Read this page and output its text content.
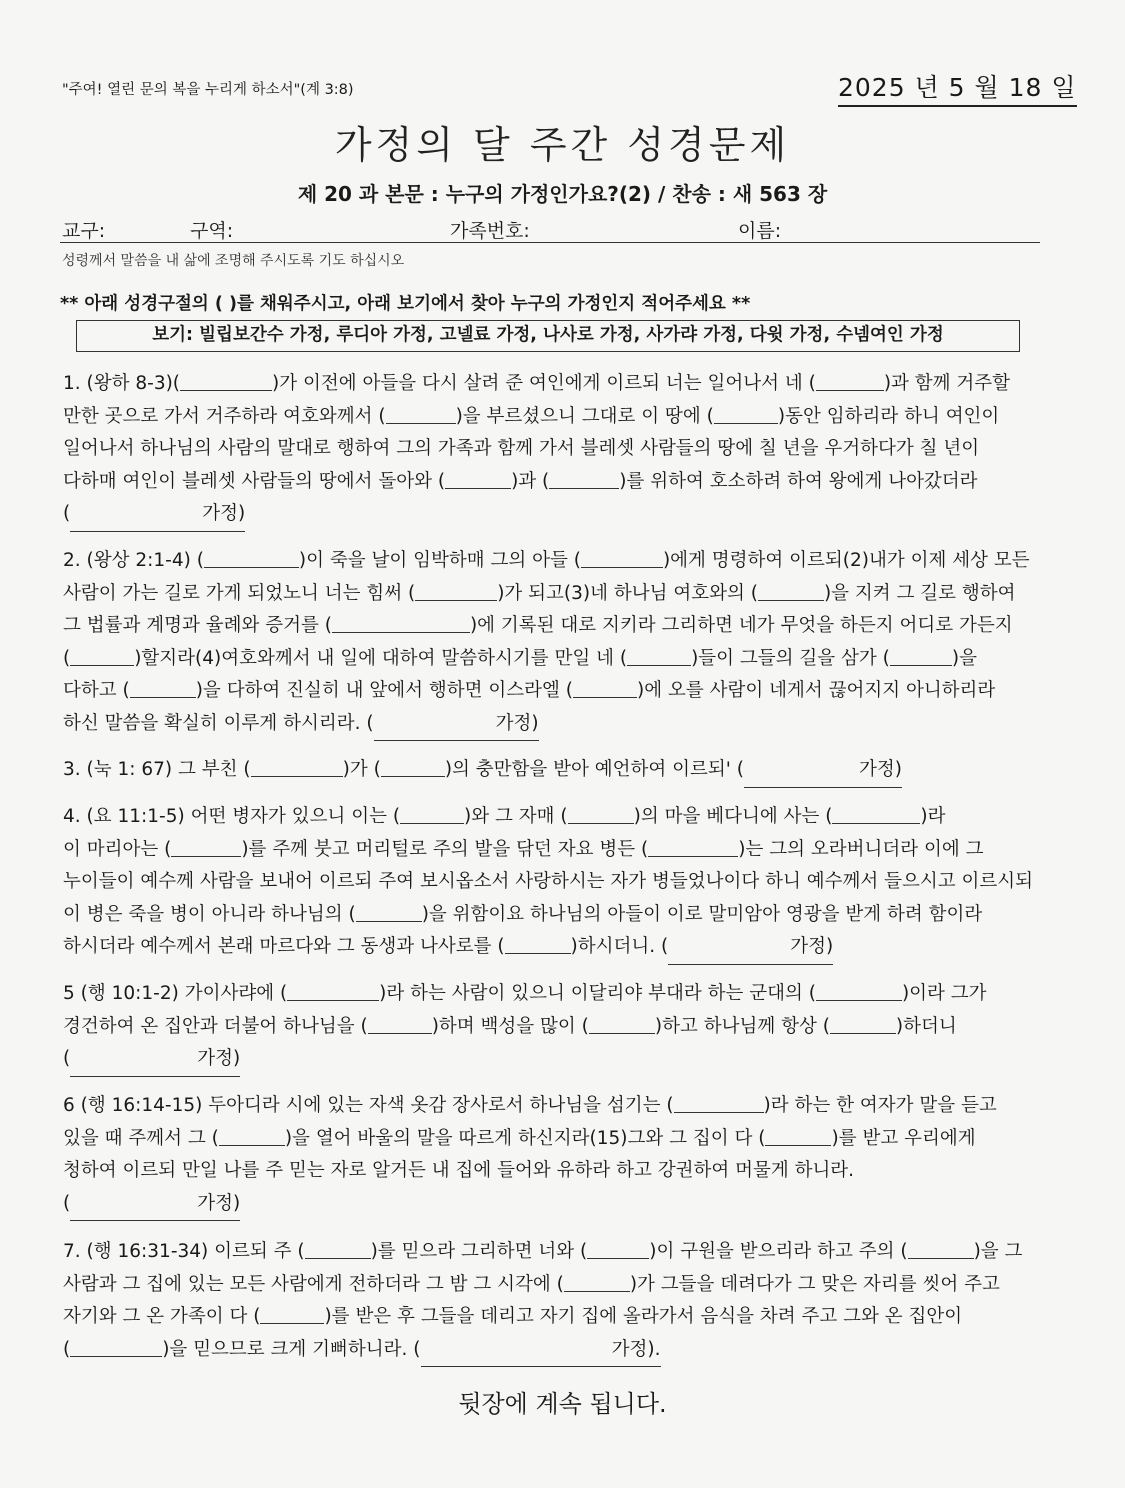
"주여! 열린 문의 복을 누리게 하소서"(계 3:8)	2025 년 5 월 18 일
가정의 달 주간 성경문제
제 20 과 본문 : 누구의 가정인가요?(2) / 찬송 : 새 563 장
교구:	구역:	가족번호:	이름:
성령께서 말씀을 내 삶에 조명해 주시도록 기도 하십시오
** 아래 성경구절의 ( )를 채워주시고, 아래 보기에서 찾아 누구의 가정인지 적어주세요 **
보기: 빌립보간수 가정, 루디아 가정, 고넬료 가정, 나사로 가정, 사가랴 가정, 다윗 가정, 수넴여인 가정

1. (왕하 8-3)(	)가 이전에 아들을 다시 살려 준 여인에게 이르되 너는 일어나서 네 (	)과 함께 거주할

만한 곳으로 가서 거주하라 여호와께서 (	)을 부르셨으니 그대로 이 땅에 (	)동안 임하리라 하니 여인이

일어나서 하나님의 사람의 말대로 행하여 그의 가족과 함께 가서 블레셋 사람들의 땅에 칠 년을 우거하다가 칠 년이

다하매 여인이 블레셋 사람들의 땅에서 돌아와 (	)과 (	)를 위하여 호소하려 하여 왕에게 나아갔더라

(	가정)

2. (왕상 2:1-4) (	)이 죽을 날이 임박하매 그의 아들 (	)에게 명령하여 이르되(2)내가 이제 세상 모든

사람이 가는 길로 가게 되었노니 너는 힘써 (	)가 되고(3)네 하나님 여호와의 (	)을 지켜 그 길로 행하여

그 법률과 계명과 율례와 증거를 (	)에 기록된 대로 지키라 그리하면 네가 무엇을 하든지 어디로 가든지

(	)할지라(4)여호와께서 내 일에 대하여 말씀하시기를 만일 네 (	)들이 그들의 길을 삼가 (	)을

다하고 (	)을 다하여 진실히 내 앞에서 행하면 이스라엘 (	)에 오를 사람이 네게서 끊어지지 아니하리라

하신 말씀을 확실히 이루게 하시리라. (	가정)

3. (눅 1: 67) 그 부친 (	)가 (	)의 충만함을 받아 예언하여 이르되' (	가정)

4. (요 11:1-5) 어떤 병자가 있으니 이는 (	)와 그 자매 (	)의 마을 베다니에 사는 (	)라

이 마리아는 (	)를 주께 붓고 머리털로 주의 발을 닦던 자요 병든 (	)는 그의 오라버니더라 이에 그

누이들이 예수께 사람을 보내어 이르되 주여 보시옵소서 사랑하시는 자가 병들었나이다 하니 예수께서 들으시고 이르시되

이 병은 죽을 병이 아니라 하나님의 (	)을 위함이요 하나님의 아들이 이로 말미암아 영광을 받게 하려 함이라

하시더라 예수께서 본래 마르다와 그 동생과 나사로를 (	)하시더니. (	가정)

5 (행 10:1-2) 가이사랴에 (	)라 하는 사람이 있으니 이달리야 부대라 하는 군대의 (	)이라 그가

경건하여 온 집안과 더불어 하나님을 (	)하며 백성을 많이 (	)하고 하나님께 항상 (	)하더니

(	가정)

6 (행 16:14-15) 두아디라 시에 있는 자색 옷감 장사로서 하나님을 섬기는 (	)라 하는 한 여자가 말을 듣고

있을 때 주께서 그 (	)을 열어 바울의 말을 따르게 하신지라(15)그와 그 집이 다 (	)를 받고 우리에게

청하여 이르되 만일 나를 주 믿는 자로 알거든 내 집에 들어와 유하라 하고 강권하여 머물게 하니라.

(	가정)

7. (행 16:31-34) 이르되 주 (	)를 믿으라 그리하면 너와 (	)이 구원을 받으리라 하고 주의 (	)을 그

사람과 그 집에 있는 모든 사람에게 전하더라 그 밤 그 시각에 (	)가 그들을 데려다가 그 맞은 자리를 씻어 주고

자기와 그 온 가족이 다 (	)를 받은 후 그들을 데리고 자기 집에 올라가서 음식을 차려 주고 그와 온 집안이

(	)을 믿으므로 크게 기뻐하니라. (	가정).

뒷장에 계속 됩니다.
